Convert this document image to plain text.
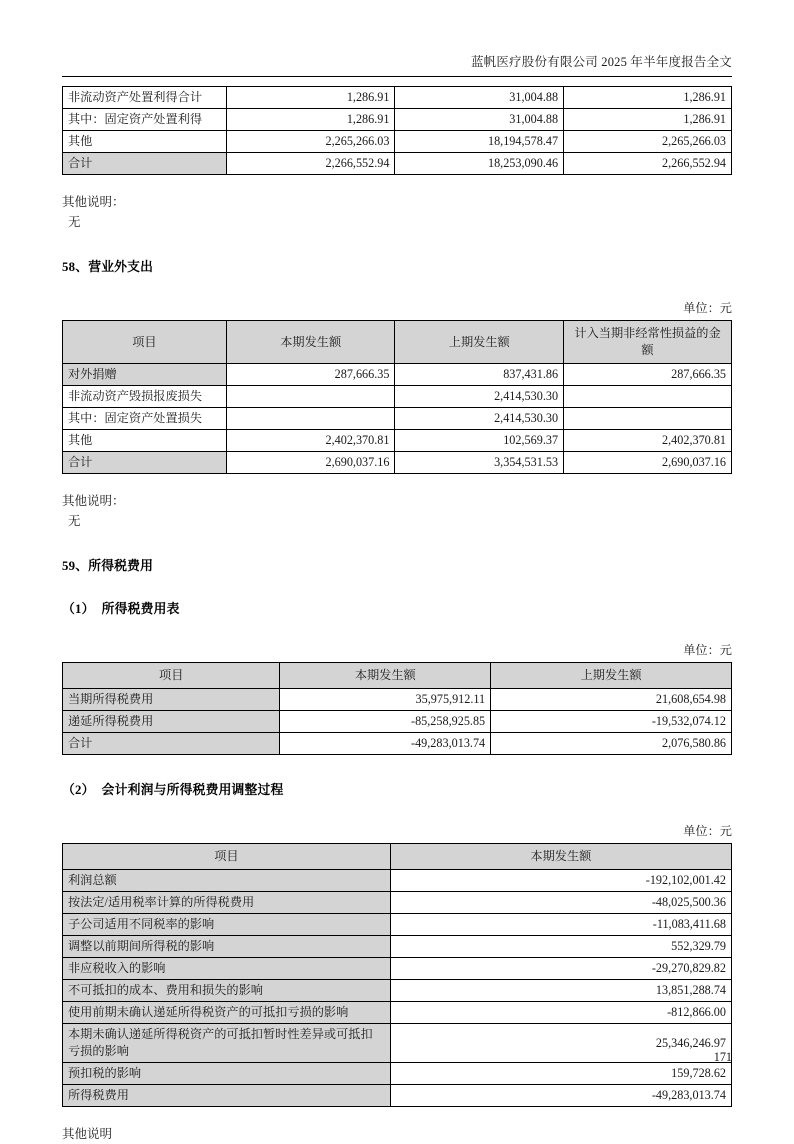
蓝帆医疗股份有限公司 2025 年半年度报告全文
非流动资产处置利得合计	1,286.91	31,004.88	1,286.91
其中：固定资产处置利得	1,286.91	31,004.88	1,286.91
其他	2,265,266.03	18,194,578.47	2,265,266.03
合计	2,266,552.94	18,253,090.46	2,266,552.94

其他说明：

无

58、营业外支出
单位：元
项目	本期发生额	上期发生额	计入当期非经常性损益的金额
对外捐赠	287,666.35	837,431.86	287,666.35
非流动资产毁损报废损失		2,414,530.30	
其中：固定资产处置损失		2,414,530.30	
其他	2,402,370.81	102,569.37	2,402,370.81
合计	2,690,037.16	3,354,531.53	2,690,037.16

其他说明：

无

59、所得税费用
（1） 所得税费用表
单位：元
项目	本期发生额	上期发生额
当期所得税费用	35,975,912.11	21,608,654.98
递延所得税费用	-85,258,925.85	-19,532,074.12
合计	-49,283,013.74	2,076,580.86
（2） 会计利润与所得税费用调整过程
单位：元
项目	本期发生额
利润总额	-192,102,001.42
按法定/适用税率计算的所得税费用	-48,025,500.36
子公司适用不同税率的影响	-11,083,411.68
调整以前期间所得税的影响	552,329.79
非应税收入的影响	-29,270,829.82
不可抵扣的成本、费用和损失的影响	13,851,288.74
使用前期未确认递延所得税资产的可抵扣亏损的影响	-812,866.00
本期未确认递延所得税资产的可抵扣暂时性差异或可抵扣亏损的影响	25,346,246.97
预扣税的影响	159,728.62
所得税费用	-49,283,013.74

其他说明

171
